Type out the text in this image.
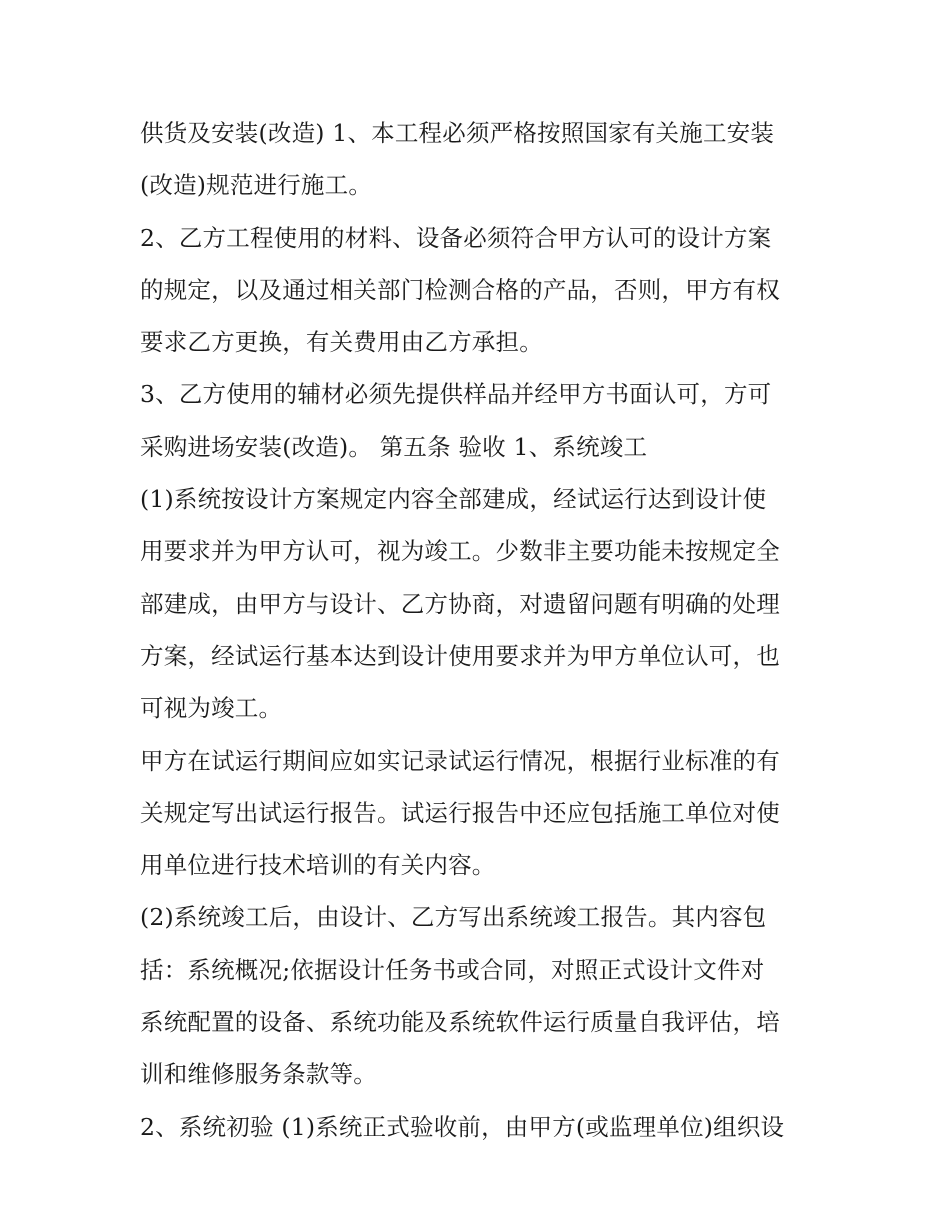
供货及安装(改造) 1、本工程必须严格按照国家有关施工安装
(改造)规范进行施工。
2、乙方工程使用的材料、设备必须符合甲方认可的设计方案
的规定，以及通过相关部门检测合格的产品，否则，甲方有权
要求乙方更换，有关费用由乙方承担。
3、乙方使用的辅材必须先提供样品并经甲方书面认可，方可
采购进场安装(改造)。 第五条 验收 1、系统竣工
(1)系统按设计方案规定内容全部建成，经试运行达到设计使
用要求并为甲方认可，视为竣工。少数非主要功能未按规定全
部建成，由甲方与设计、乙方协商，对遗留问题有明确的处理
方案，经试运行基本达到设计使用要求并为甲方单位认可，也
可视为竣工。
甲方在试运行期间应如实记录试运行情况，根据行业标准的有
关规定写出试运行报告。试运行报告中还应包括施工单位对使
用单位进行技术培训的有关内容。
(2)系统竣工后，由设计、乙方写出系统竣工报告。其内容包
括：系统概况;依据设计任务书或合同，对照正式设计文件对
系统配置的设备、系统功能及系统软件运行质量自我评估，培
训和维修服务条款等。
2、系统初验 (1)系统正式验收前，由甲方(或监理单位)组织设
